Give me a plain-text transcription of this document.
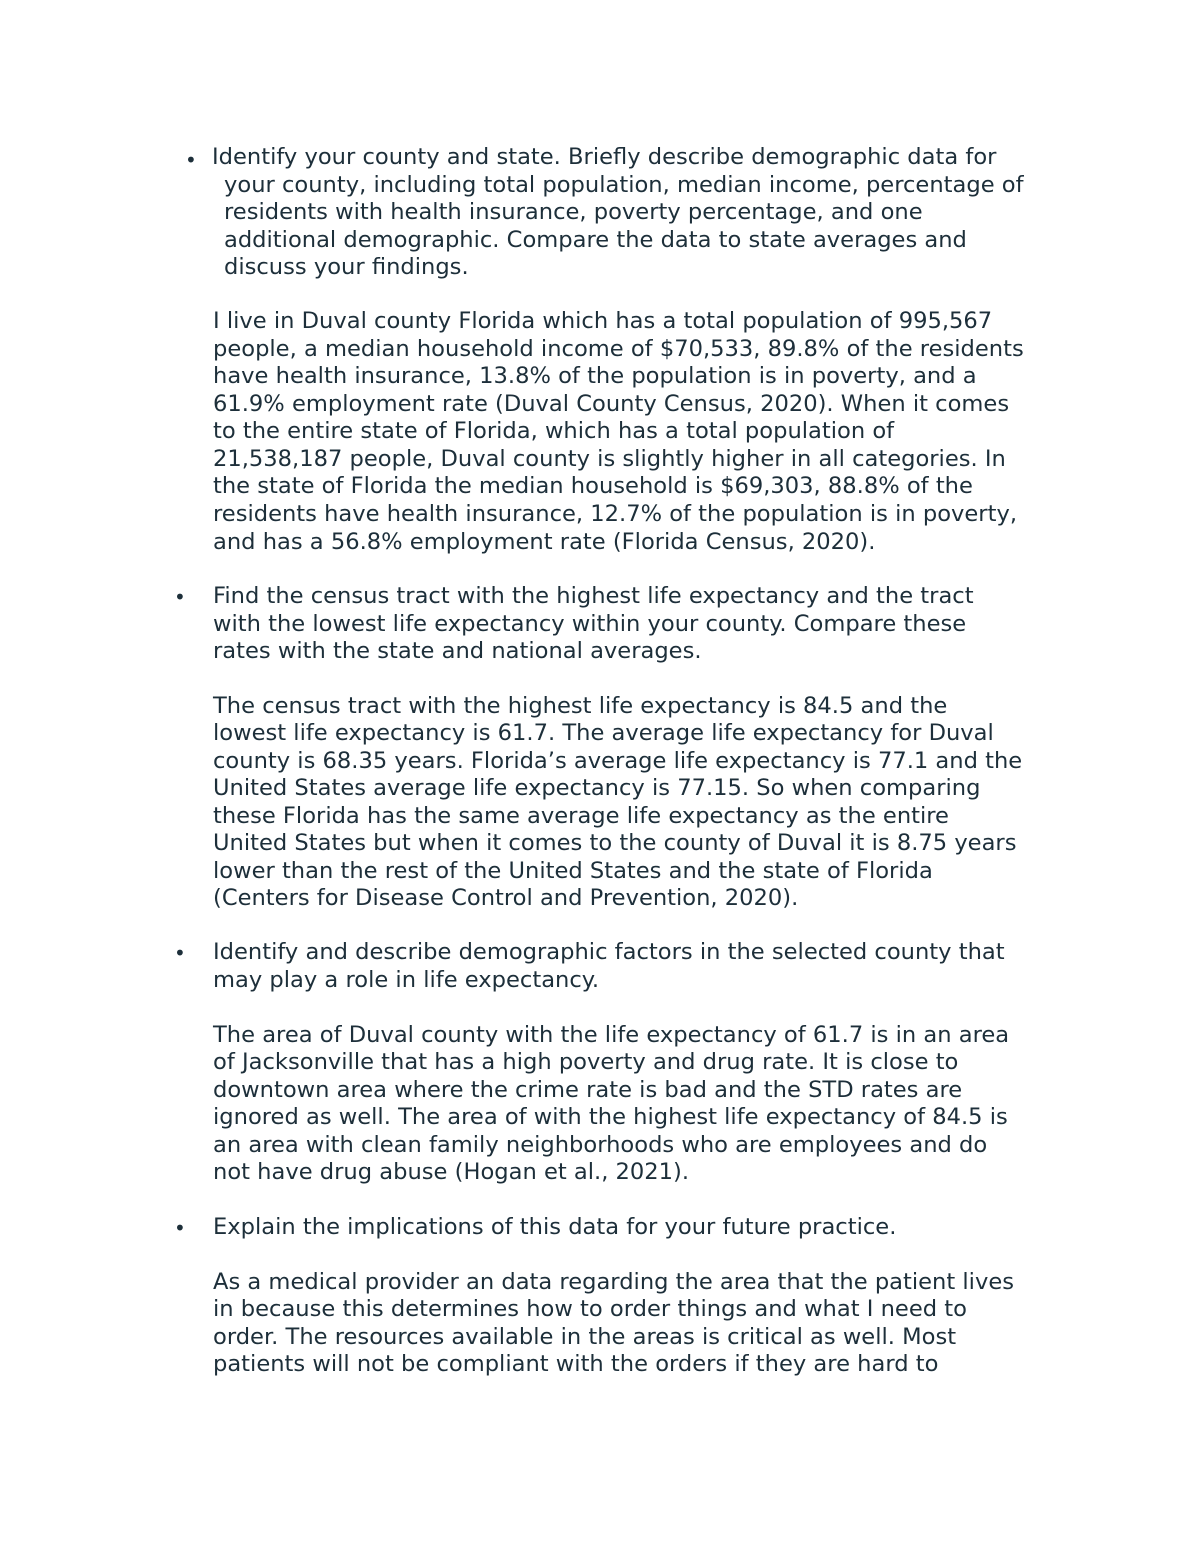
• Identify your county and state. Briefly describe demographic data for
your county, including total population, median income, percentage of
residents with health insurance, poverty percentage, and one
additional demographic. Compare the data to state averages and
discuss your findings.
I live in Duval county Florida which has a total population of 995,567
people, a median household income of $70,533, 89.8% of the residents
have health insurance, 13.8% of the population is in poverty, and a
61.9% employment rate (Duval County Census, 2020). When it comes
to the entire state of Florida, which has a total population of
21,538,187 people, Duval county is slightly higher in all categories. In
the state of Florida the median household is $69,303, 88.8% of the
residents have health insurance, 12.7% of the population is in poverty,
and has a 56.8% employment rate (Florida Census, 2020).
• Find the census tract with the highest life expectancy and the tract
with the lowest life expectancy within your county. Compare these
rates with the state and national averages.
The census tract with the highest life expectancy is 84.5 and the
lowest life expectancy is 61.7. The average life expectancy for Duval
county is 68.35 years. Florida’s average life expectancy is 77.1 and the
United States average life expectancy is 77.15. So when comparing
these Florida has the same average life expectancy as the entire
United States but when it comes to the county of Duval it is 8.75 years
lower than the rest of the United States and the state of Florida
(Centers for Disease Control and Prevention, 2020).
• Identify and describe demographic factors in the selected county that
may play a role in life expectancy.
The area of Duval county with the life expectancy of 61.7 is in an area
of Jacksonville that has a high poverty and drug rate. It is close to
downtown area where the crime rate is bad and the STD rates are
ignored as well. The area of with the highest life expectancy of 84.5 is
an area with clean family neighborhoods who are employees and do
not have drug abuse (Hogan et al., 2021).
• Explain the implications of this data for your future practice.
As a medical provider an data regarding the area that the patient lives
in because this determines how to order things and what I need to
order. The resources available in the areas is critical as well. Most
patients will not be compliant with the orders if they are hard to
